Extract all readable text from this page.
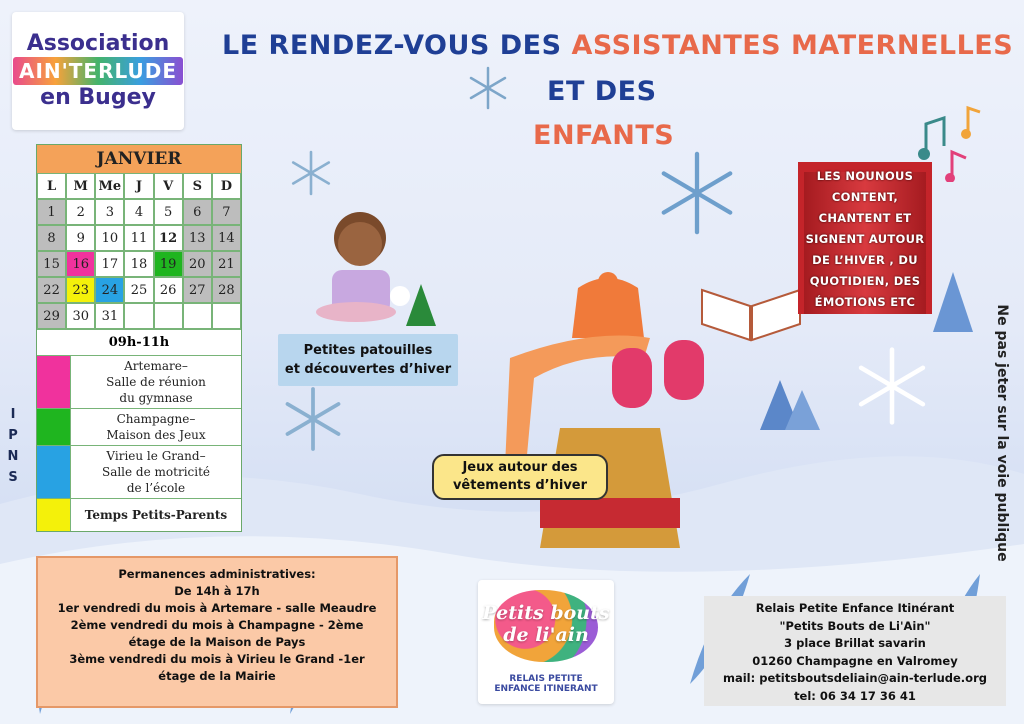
Association
AIN'TERLUDE
en Bugey
LE RENDEZ-VOUS DES ASSISTANTES MATERNELLES
ET DES
ENFANTS
JANVIER
L	M Me	J	V	S	D
1	2	3	4	5	6	7
8	9	10 11 12 13 14
15 16 17 18 19 20 21
22 23 24 25 26 27 28
29 30 31
09h-11h
Artemare–
Salle de réunion
du gymnase
Champagne–
Maison des Jeux
Virieu le Grand–
Salle de motricité
de l’école
Temps Petits-Parents
I
P
N
S
Petites patouilles
et découvertes d’hiver
Jeux autour des
vêtements d’hiver
LES NOUNOUS
CONTENT,
CHANTENT ET
SIGNENT AUTOUR
DE L’HIVER , DU
QUOTIDIEN, DES
ÉMOTIONS ETC
Ne pas jeter sur la voie publique
Permanences administratives:
De 14h à 17h
1er vendredi du mois à Artemare - salle Meaudre
2ème vendredi du mois à Champagne - 2ème
étage de la Maison de Pays
3ème vendredi du mois à Virieu le Grand -1er
étage de la Mairie
Petits bouts
de li'ain
RELAIS PETITE
ENFANCE ITINERANT
Relais Petite Enfance Itinérant
"Petits Bouts de Li'Ain"
3 place Brillat savarin
01260 Champagne en Valromey
mail: petitsboutsdeliain@ain-terlude.org
tel: 06 34 17 36 41
